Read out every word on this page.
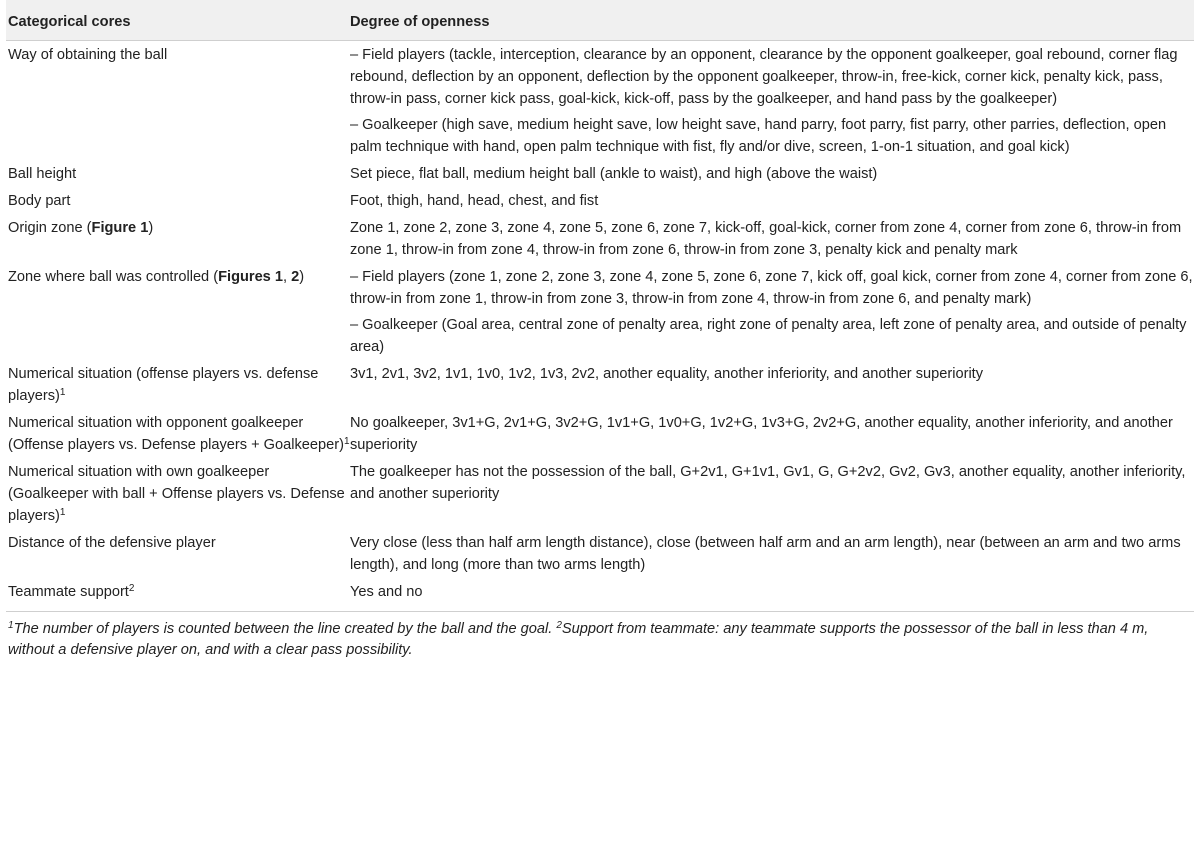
Categorical cores	Degree of openness
Way of obtaining the ball	– Field players (tackle, interception, clearance by an opponent, clearance by the opponent goalkeeper, goal rebound, corner flag rebound, deflection by an opponent, deflection by the opponent goalkeeper, throw-in, free-kick, corner kick, penalty kick, pass, throw-in pass, corner kick pass, goal-kick, kick-off, pass by the goalkeeper, and hand pass by the goalkeeper)
– Goalkeeper (high save, medium height save, low height save, hand parry, foot parry, fist parry, other parries, deflection, open palm technique with hand, open palm technique with fist, fly and/or dive, screen, 1-on-1 situation, and goal kick)

Ball height	Set piece, flat ball, medium height ball (ankle to waist), and high (above the waist)
Body part	Foot, thigh, hand, head, chest, and fist
Origin zone (Figure 1)	Zone 1, zone 2, zone 3, zone 4, zone 5, zone 6, zone 7, kick-off, goal-kick, corner from zone 4, corner from zone 6, throw-in from zone 1, throw-in from zone 4, throw-in from zone 6, throw-in from zone 3, penalty kick and penalty mark
Zone where ball was controlled (Figures 1, 2)	– Field players (zone 1, zone 2, zone 3, zone 4, zone 5, zone 6, zone 7, kick off, goal kick, corner from zone 4, corner from zone 6, throw-in from zone 1, throw-in from zone 3, throw-in from zone 4, throw-in from zone 6, and penalty mark)
– Goalkeeper (Goal area, central zone of penalty area, right zone of penalty area, left zone of penalty area, and outside of penalty area)

Numerical situation (offense players vs. defense players)$^1$	3v1, 2v1, 3v2, 1v1, 1v0, 1v2, 1v3, 2v2, another equality, another inferiority, and another superiority
Numerical situation with opponent goalkeeper (Offense players vs. Defense players + Goalkeeper)$^1$	No goalkeeper, 3v1+G, 2v1+G, 3v2+G, 1v1+G, 1v0+G, 1v2+G, 1v3+G, 2v2+G, another equality, another inferiority, and another superiority
Numerical situation with own goalkeeper (Goalkeeper with ball + Offense players vs. Defense players)$^1$	The goalkeeper has not the possession of the ball, G+2v1, G+1v1, Gv1, G, G+2v2, Gv2, Gv3, another equality, another inferiority, and another superiority
Distance of the defensive player	Very close (less than half arm length distance), close (between half arm and an arm length), near (between an arm and two arms length), and long (more than two arms length)
Teammate support$^2$	Yes and no
$^1$The number of players is counted between the line created by the ball and the goal. $^2$Support from teammate: any teammate supports the possessor of the ball in less than 4 m, without a defensive player on, and with a clear pass possibility.
